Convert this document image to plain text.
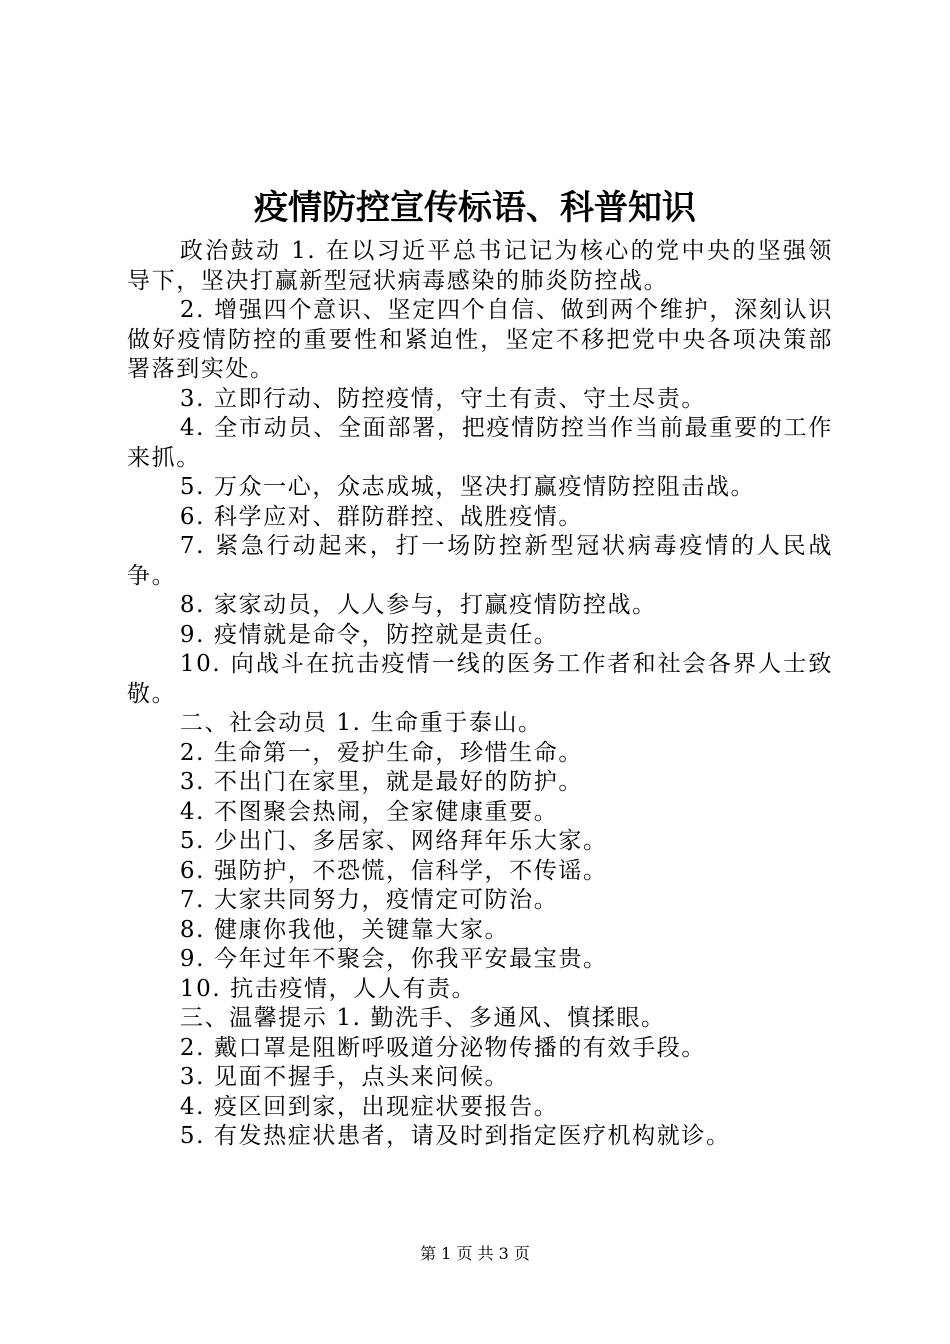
疫情防控宣传标语、科普知识

政治鼓动 1. 在以习近平总书记记为核心的党中央的坚强领导下，坚决打赢新型冠状病毒感染的肺炎防控战。

2. 增强四个意识、坚定四个自信、做到两个维护，深刻认识做好疫情防控的重要性和紧迫性，坚定不移把党中央各项决策部署落到实处。

3. 立即行动、防控疫情，守土有责、守土尽责。

4. 全市动员、全面部署，把疫情防控当作当前最重要的工作来抓。

5. 万众一心，众志成城，坚决打赢疫情防控阻击战。

6. 科学应对、群防群控、战胜疫情。

7. 紧急行动起来，打一场防控新型冠状病毒疫情的人民战争。

8. 家家动员，人人参与，打赢疫情防控战。

9. 疫情就是命令，防控就是责任。

10. 向战斗在抗击疫情一线的医务工作者和社会各界人士致敬。

二、社会动员 1. 生命重于泰山。

2. 生命第一，爱护生命，珍惜生命。

3. 不出门在家里，就是最好的防护。

4. 不图聚会热闹，全家健康重要。

5. 少出门、多居家、网络拜年乐大家。

6. 强防护，不恐慌，信科学，不传谣。

7. 大家共同努力，疫情定可防治。

8. 健康你我他，关键靠大家。

9. 今年过年不聚会，你我平安最宝贵。

10. 抗击疫情，人人有责。

三、温馨提示 1. 勤洗手、多通风、慎揉眼。

2. 戴口罩是阻断呼吸道分泌物传播的有效手段。

3. 见面不握手，点头来问候。

4. 疫区回到家，出现症状要报告。

5. 有发热症状患者，请及时到指定医疗机构就诊。

第 1 页 共 3 页
